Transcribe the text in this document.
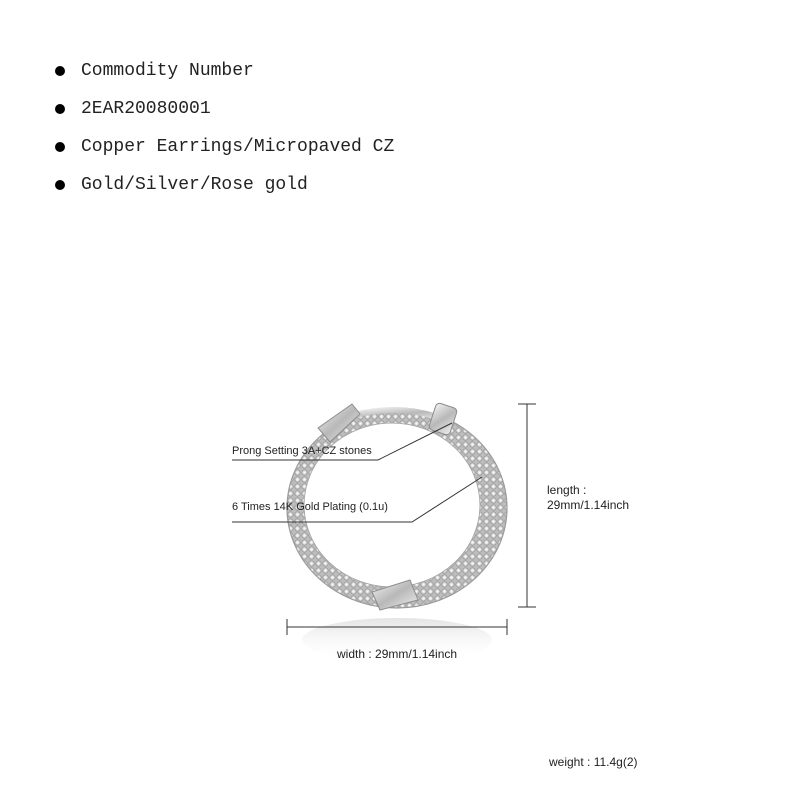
Commodity Number
2EAR20080001
Copper Earrings/Micropaved CZ
Gold/Silver/Rose gold
Prong Setting 3A+CZ stones
6 Times 14K Gold Plating (0.1u)
length :
29mm/1.14inch
width : 29mm/1.14inch
weight : 11.4g(2)
